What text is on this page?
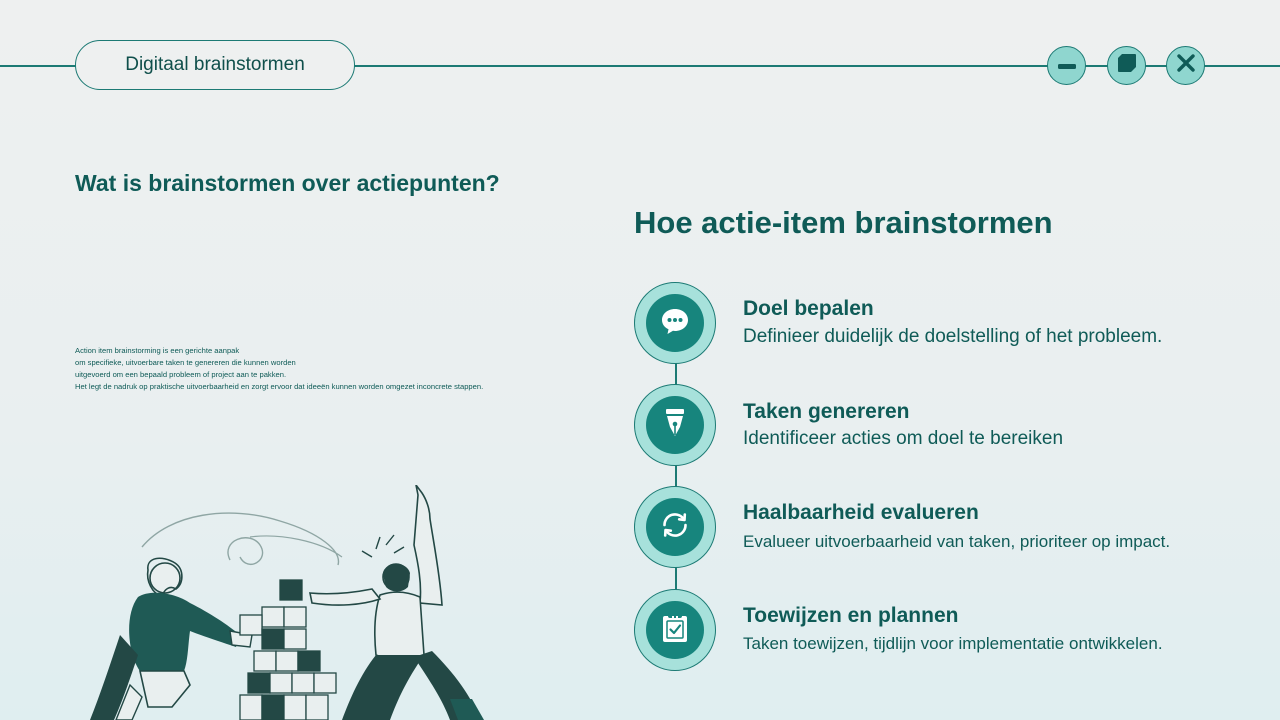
Digitaal brainstormen
Wat is brainstormen over actiepunten?
Action item brainstorming is een gerichte aanpak
om specifieke, uitvoerbare taken te genereren die kunnen worden
uitgevoerd om een bepaald probleem of project aan te pakken.
Het legt de nadruk op praktische uitvoerbaarheid en zorgt ervoor dat ideeën kunnen worden omgezet inconcrete stappen.
Hoe actie-item brainstormen
Doel bepalen
Definieer duidelijk de doelstelling of het probleem.
Taken genereren
Identificeer acties om doel te bereiken
Haalbaarheid evalueren
Evalueer uitvoerbaarheid van taken, prioriteer op impact.
Toewijzen en plannen
Taken toewijzen, tijdlijn voor implementatie ontwikkelen.
